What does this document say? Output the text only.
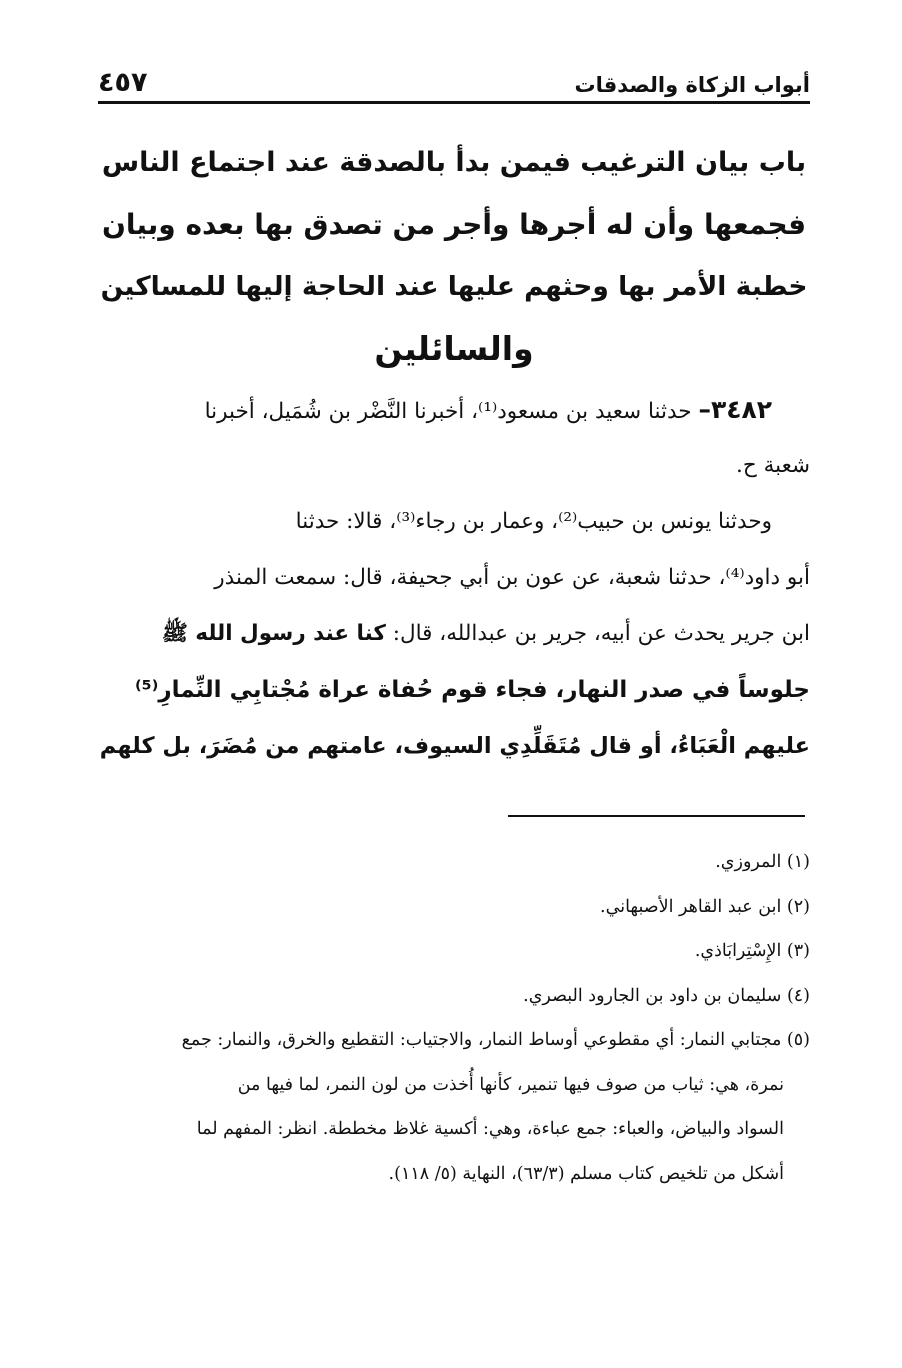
أبواب الزكاة والصدقات
٤٥٧
باب بيان الترغيب فيمن بدأ بالصدقة عند اجتماع الناس
فجمعها وأن له أجرها وأجر من تصدق بها بعده وبيان
خطبة الأمر بها وحثهم عليها عند الحاجة إليها للمساكين
والسائلين
٣٤٨٢– حدثنا سعيد بن مسعود⁽¹⁾، أخبرنا النَّضْر بن شُمَيل، أخبرنا
شعبة ح.
وحدثنا يونس بن حبيب⁽²⁾، وعمار بن رجاء⁽³⁾، قالا: حدثنا
أبو داود⁽⁴⁾، حدثنا شعبة، عن عون بن أبي جحيفة، قال: سمعت المنذر
ابن جرير يحدث عن أبيه، جرير بن عبدالله، قال: كنا عند رسول الله ﷺ
جلوساً في صدر النهار، فجاء قوم حُفاة عراة مُجْتابِي النِّمارِ⁽⁵⁾
عليهم الْعَبَاءُ، أو قال مُتَقَلِّدِي السيوف، عامتهم من مُضَرَ، بل كلهم
(١) المروزي.
(٢) ابن عبد القاهر الأصبهاني.
(٣) الإِسْتِرابَاذي.
(٤) سليمان بن داود بن الجارود البصري.
(٥) مجتابي النمار: أي مقطوعي أوساط النمار، والاجتياب: التقطيع والخرق، والنمار: جمع
نمرة، هي: ثياب من صوف فيها تنمير، كأنها أُخذت من لون النمر، لما فيها من
السواد والبياض، والعباء: جمع عباءة، وهي: أكسية غلاظ مخططة. انظر: المفهم لما
أشكل من تلخيص كتاب مسلم (٦٣/٣)، النهاية (٥/ ١١٨).
